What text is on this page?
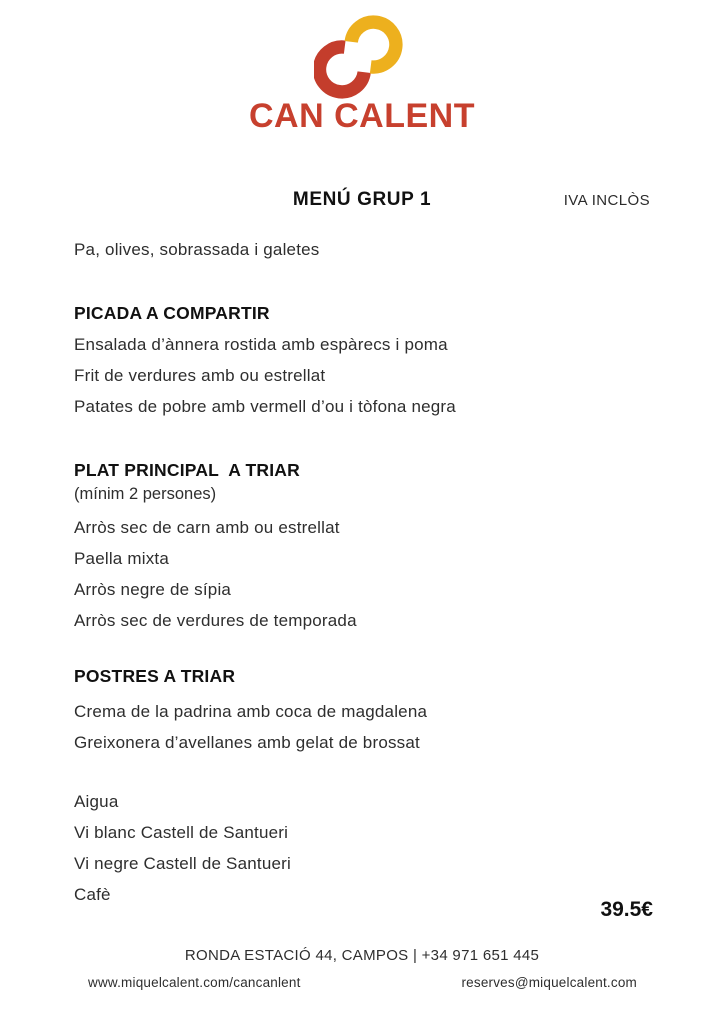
CAN CALENT
MENÚ GRUP 1	IVA INCLÒS
Pa, olives, sobrassada i galetes
PICADA A COMPARTIR
Ensalada d’ànnera rostida amb espàrecs i poma
Frit de verdures amb ou estrellat
Patates de pobre amb vermell d’ou i tòfona negra
PLAT PRINCIPAL  A TRIAR
(mínim 2 persones)
Arròs sec de carn amb ou estrellat
Paella mixta
Arròs negre de sípia
Arròs sec de verdures de temporada
POSTRES A TRIAR
Crema de la padrina amb coca de magdalena
Greixonera d’avellanes amb gelat de brossat
Aigua
Vi blanc Castell de Santueri
Vi negre Castell de Santueri
Cafè
39.5€
RONDA ESTACIÓ 44, CAMPOS | +34 971 651 445
www.miquelcalent.com/cancanlent	reserves@miquelcalent.com
